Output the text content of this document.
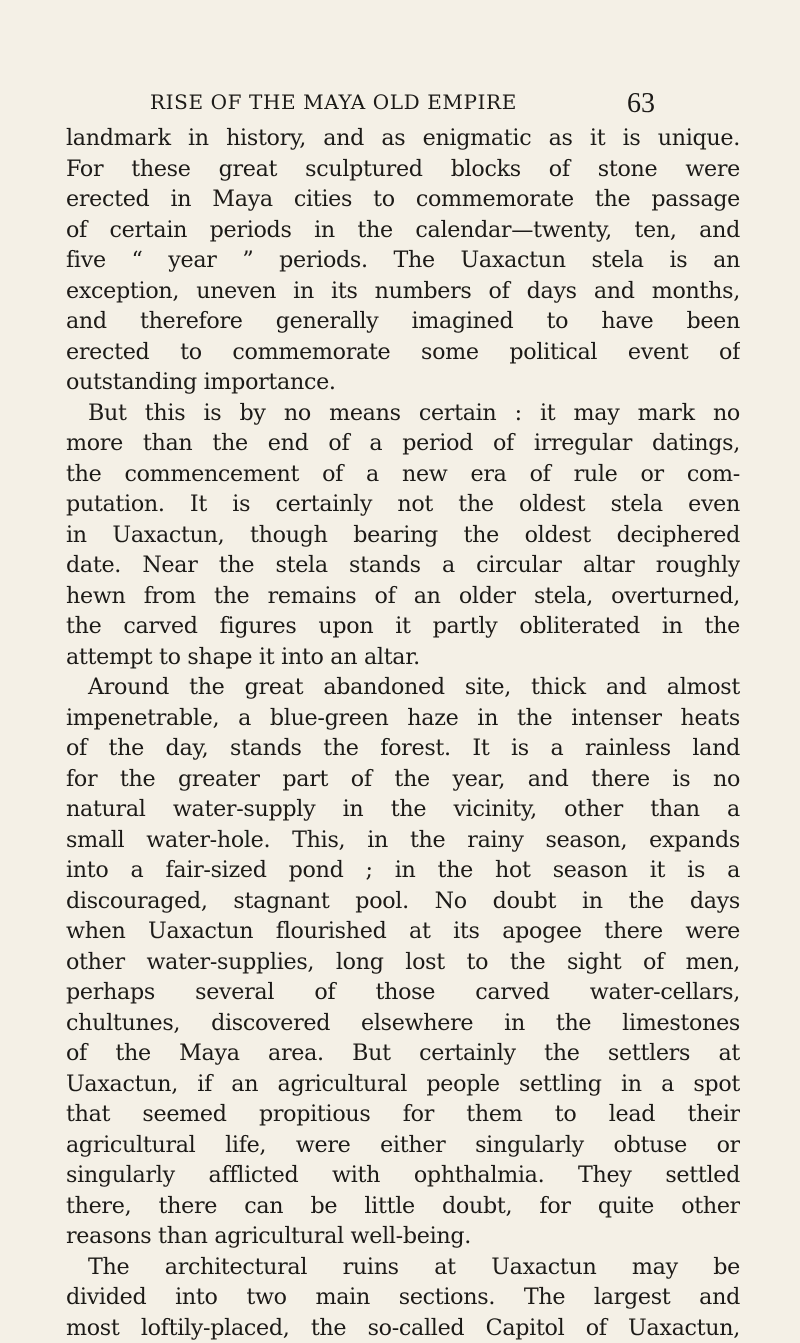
RISE OF THE MAYA OLD EMPIRE	63
landmark in history, and as enigmatic as it is unique.
For these great sculptured blocks of stone were
erected in Maya cities to commemorate the passage
of certain periods in the calendar—twenty, ten, and
five “ year ” periods. The Uaxactun stela is an
exception, uneven in its numbers of days and months,
and therefore generally imagined to have been
erected to commemorate some political event of
outstanding importance.
But this is by no means certain : it may mark no
more than the end of a period of irregular datings,
the commencement of a new era of rule or com-
putation. It is certainly not the oldest stela even
in Uaxactun, though bearing the oldest deciphered
date. Near the stela stands a circular altar roughly
hewn from the remains of an older stela, overturned,
the carved figures upon it partly obliterated in the
attempt to shape it into an altar.
Around the great abandoned site, thick and almost
impenetrable, a blue-green haze in the intenser heats
of the day, stands the forest. It is a rainless land
for the greater part of the year, and there is no
natural water-supply in the vicinity, other than a
small water-hole. This, in the rainy season, expands
into a fair-sized pond ; in the hot season it is a
discouraged, stagnant pool. No doubt in the days
when Uaxactun flourished at its apogee there were
other water-supplies, long lost to the sight of men,
perhaps several of those carved water-cellars,
chultunes, discovered elsewhere in the limestones
of the Maya area. But certainly the settlers at
Uaxactun, if an agricultural people settling in a spot
that seemed propitious for them to lead their
agricultural life, were either singularly obtuse or
singularly afflicted with ophthalmia. They settled
there, there can be little doubt, for quite other
reasons than agricultural well-being.
The architectural ruins at Uaxactun may be
divided into two main sections. The largest and
most loftily-placed, the so-called Capitol of Uaxactun,
